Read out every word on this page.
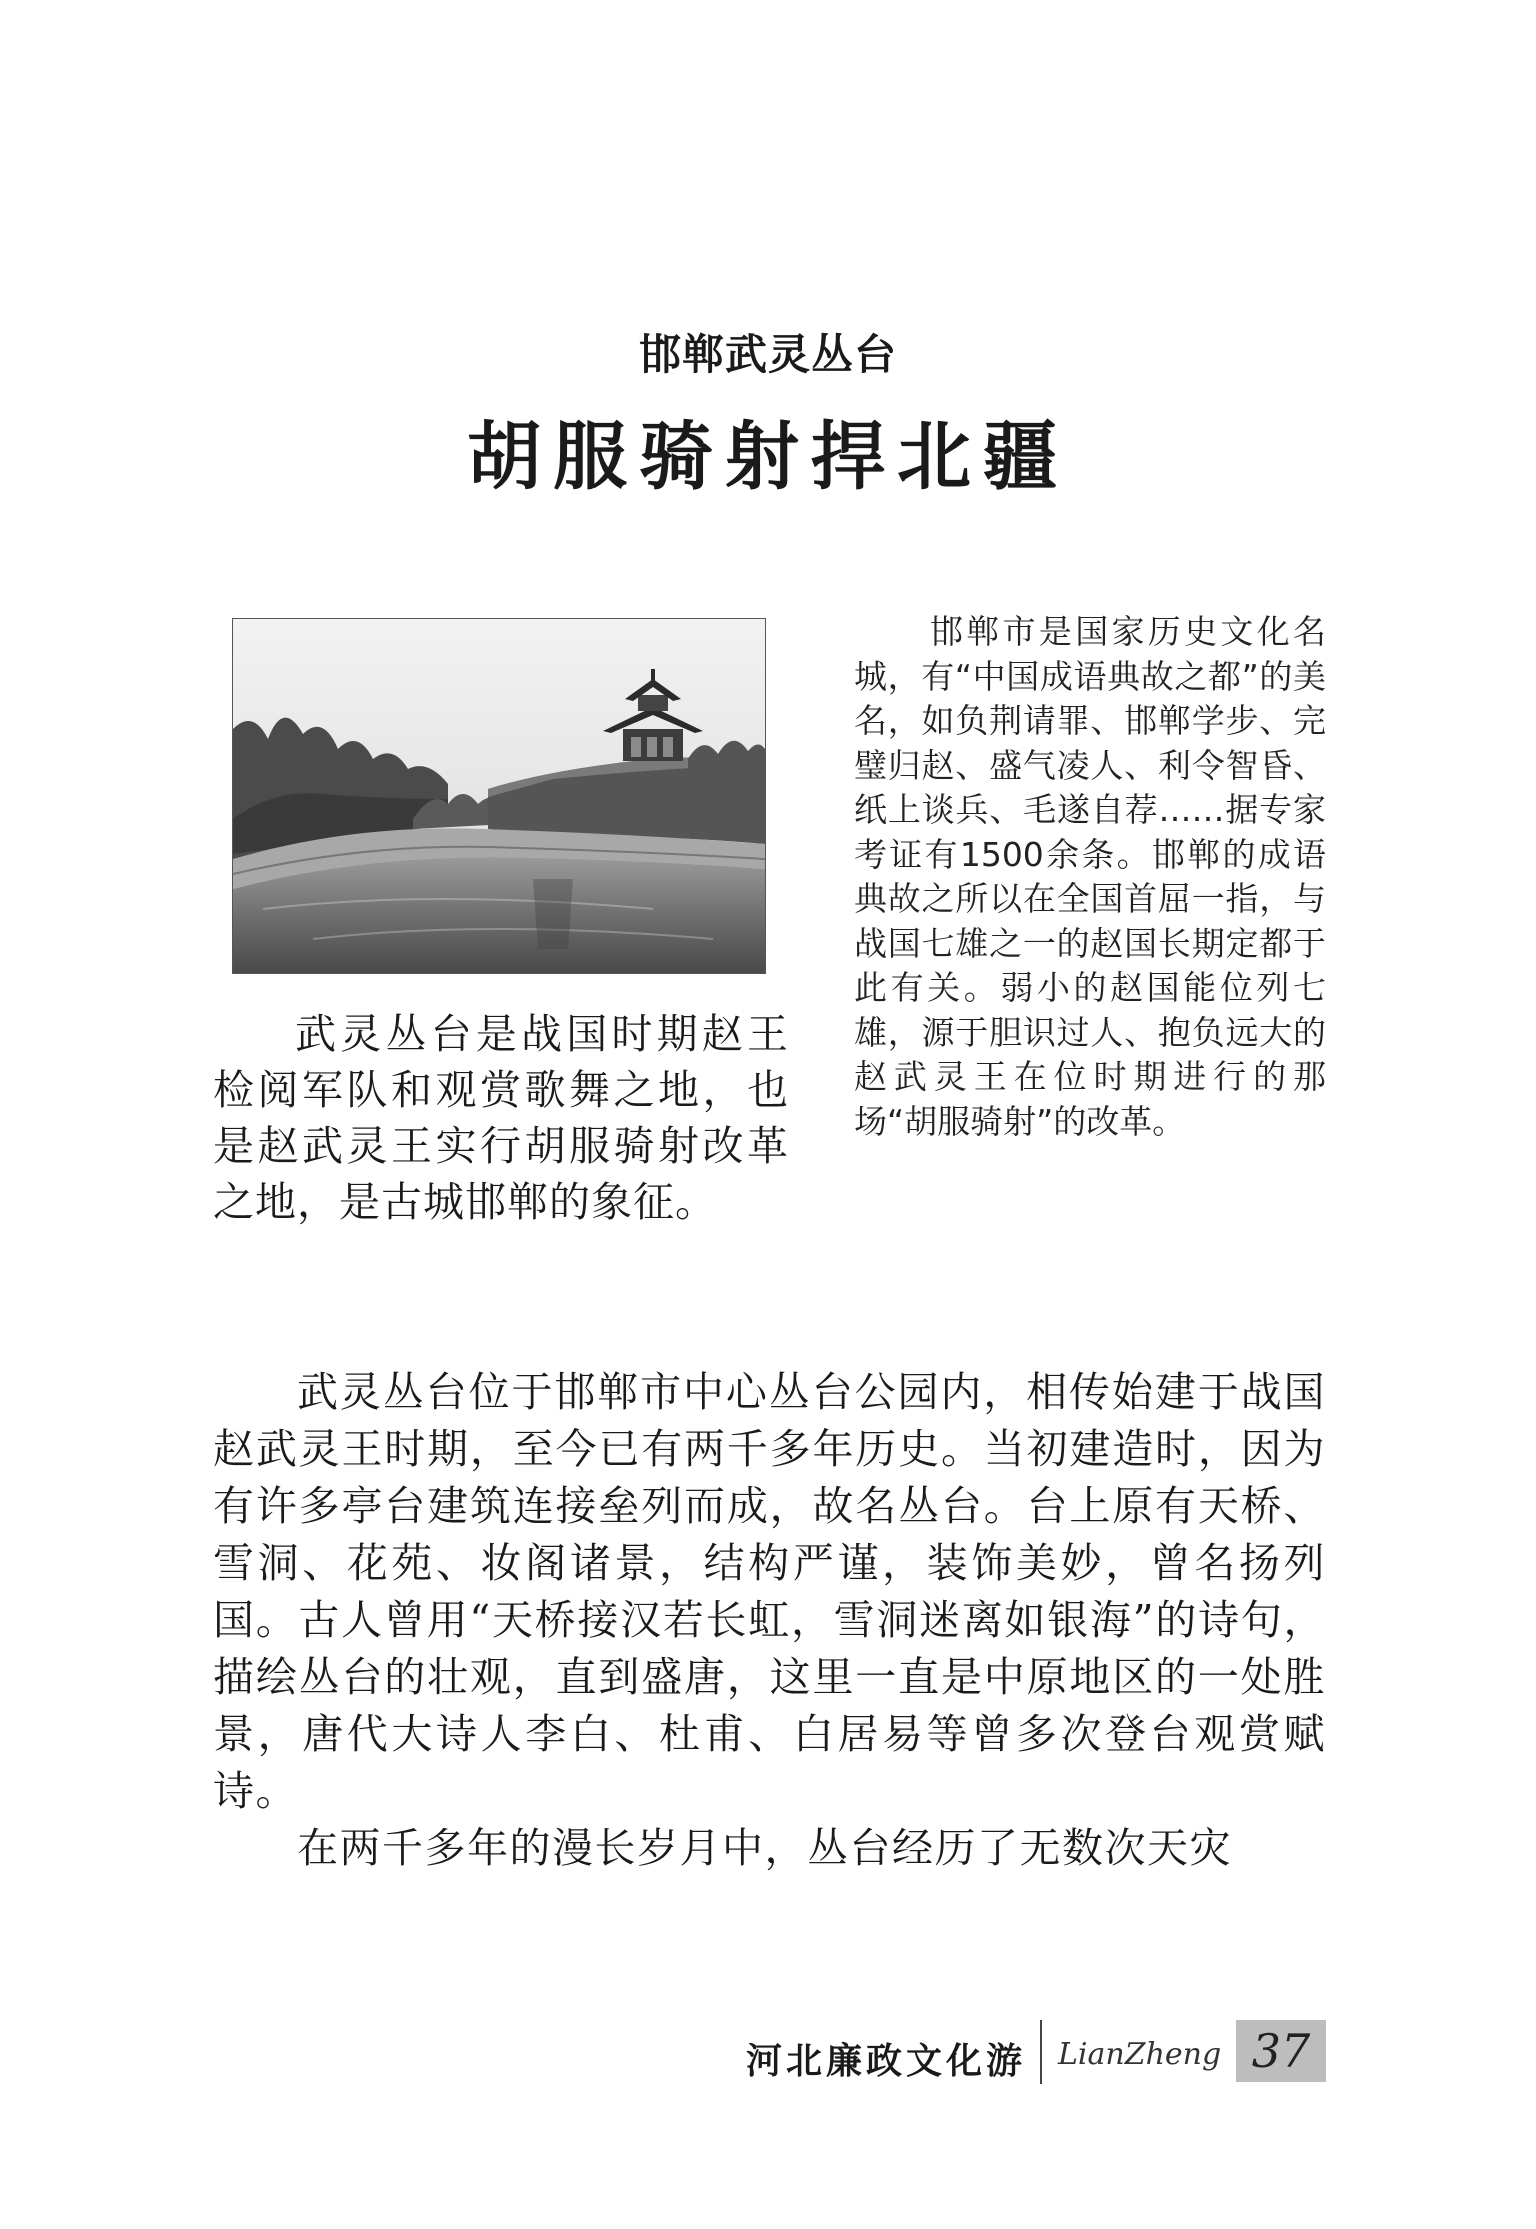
邯郸武灵丛台
胡服骑射捍北疆
武灵丛台是战国时期赵王检阅军队和观赏歌舞之地，也是赵武灵王实行胡服骑射改革之地，是古城邯郸的象征。
邯郸市是国家历史文化名城，有“中国成语典故之都”的美名，如负荆请罪、邯郸学步、完璧归赵、盛气凌人、利令智昏、纸上谈兵、毛遂自荐……据专家考证有1500余条。邯郸的成语典故之所以在全国首屈一指，与战国七雄之一的赵国长期定都于此有关。弱小的赵国能位列七雄，源于胆识过人、抱负远大的赵武灵王在位时期进行的那场“胡服骑射”的改革。

武灵丛台位于邯郸市中心丛台公园内，相传始建于战国赵武灵王时期，至今已有两千多年历史。当初建造时，因为有许多亭台建筑连接垒列而成，故名丛台。台上原有天桥、雪洞、花苑、妆阁诸景，结构严谨，装饰美妙，曾名扬列国。古人曾用“天桥接汉若长虹，雪洞迷离如银海”的诗句，描绘丛台的壮观，直到盛唐，这里一直是中原地区的一处胜景，唐代大诗人李白、杜甫、白居易等曾多次登台观赏赋诗。

在两千多年的漫长岁月中，丛台经历了无数次天灾

河北廉政文化游 LianZheng 37
